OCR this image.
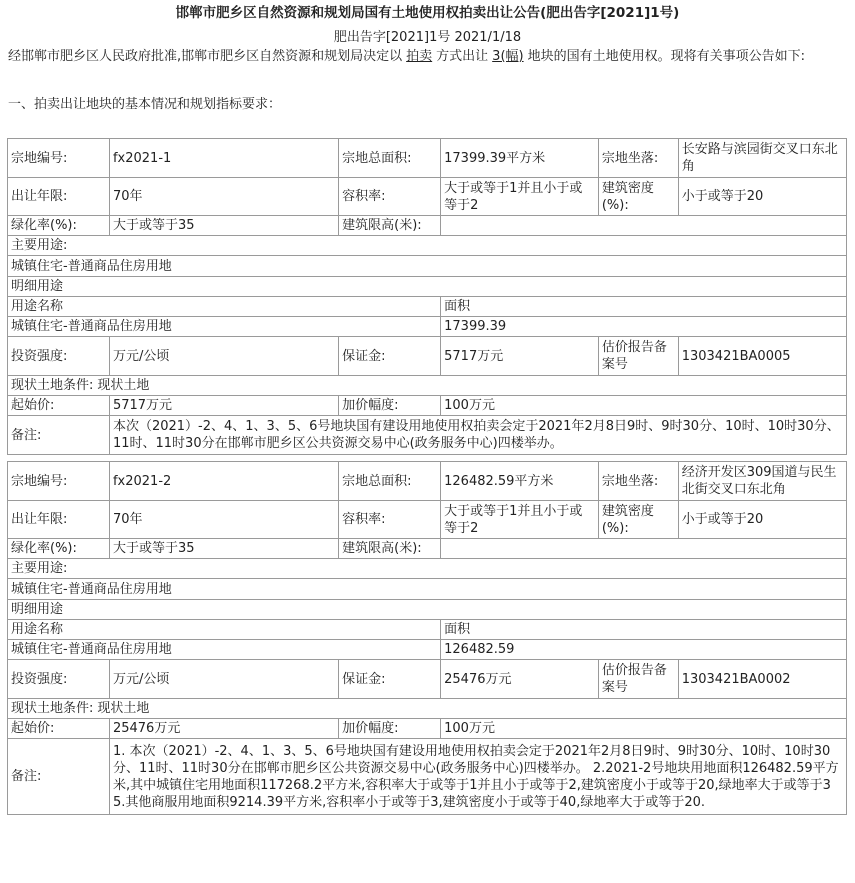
邯郸市肥乡区自然资源和规划局国有土地使用权拍卖出让公告(肥出告字[2021]1号)
肥出告字[2021]1号 2021/1/18
经邯郸市肥乡区人民政府批准,邯郸市肥乡区自然资源和规划局决定以 拍卖 方式出让 3(幅) 地块的国有土地使用权。现将有关事项公告如下:
一、拍卖出让地块的基本情况和规划指标要求：
宗地编号:	fx2021-1	宗地总面积:	17399.39平方米	宗地坐落:	长安路与滨园街交叉口东北角
出让年限:	70年	容积率:	大于或等于1并且小于或等于2	建筑密度(%):	小于或等于20
绿化率(%):	大于或等于35	建筑限高(米):			
主要用途:					
城镇住宅-普通商品住房用地					
明细用途					
用途名称			面积		
城镇住宅-普通商品住房用地			17399.39		
投资强度:	万元/公顷	保证金:	5717万元	估价报告备案号	1303421BA0005
现状土地条件: 现状土地					
起始价:	5717万元	加价幅度:	100万元		
备注:	本次（2021）-2、4、1、3、5、6号地块国有建设用地使用权拍卖会定于2021年2月8日9时、9时30分、10时、10时30分、11时、11时30分在邯郸市肥乡区公共资源交易中心(政务服务中心)四楼举办。				

宗地编号:	fx2021-2	宗地总面积:	126482.59平方米	宗地坐落:	经济开发区309国道与民生北街交叉口东北角
出让年限:	70年	容积率:	大于或等于1并且小于或等于2	建筑密度(%):	小于或等于20
绿化率(%):	大于或等于35	建筑限高(米):			
主要用途:					
城镇住宅-普通商品住房用地					
明细用途					
用途名称			面积		
城镇住宅-普通商品住房用地			126482.59		
投资强度:	万元/公顷	保证金:	25476万元	估价报告备案号	1303421BA0002
现状土地条件: 现状土地					
起始价:	25476万元	加价幅度:	100万元		
备注:	1. 本次（2021）-2、4、1、3、5、6号地块国有建设用地使用权拍卖会定于2021年2月8日9时、9时30分、10时、10时30分、11时、11时30分在邯郸市肥乡区公共资源交易中心(政务服务中心)四楼举办。 2.2021-2号地块用地面积126482.59平方米,其中城镇住宅用地面积117268.2平方米,容积率大于或等于1并且小于或等于2,建筑密度小于或等于20,绿地率大于或等于35.其他商服用地面积9214.39平方米,容积率小于或等于3,建筑密度小于或等于40,绿地率大于或等于20.				
